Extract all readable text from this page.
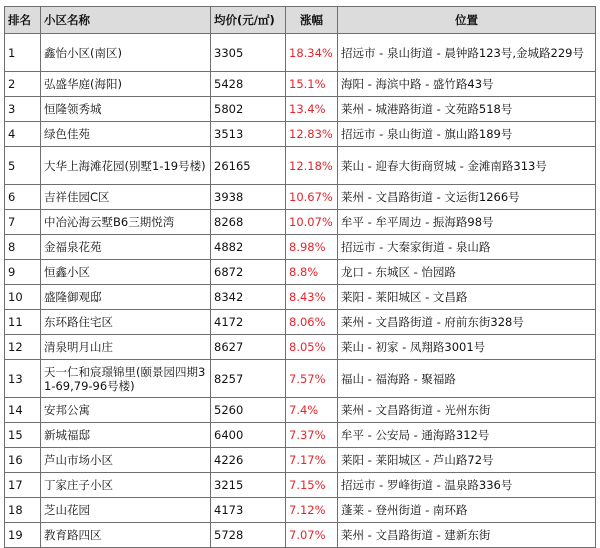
排名	小区名称	均价(元/㎡)	涨幅	位置
1	鑫怡小区(南区)	3305	18.34%	招远市 - 泉山街道 - 晨钟路123号,金城路229号
2	弘盛华庭(海阳)	5428	15.1%	海阳 - 海滨中路 - 盛竹路43号
3	恒隆领秀城	5802	13.4%	莱州 - 城港路街道 - 文苑路518号
4	绿色佳苑	3513	12.83%	招远市 - 泉山街道 - 旗山路189号
5	大华上海滩花园(别墅1-19号楼)	26165	12.18%	莱山 - 迎春大街商贸城 - 金滩南路313号
6	吉祥佳园C区	3938	10.67%	莱州 - 文昌路街道 - 文运街1266号
7	中冶沁海云墅B6三期悦湾	8268	10.07%	牟平 - 牟平周边 - 振海路98号
8	金福泉花苑	4882	8.98%	招远市 - 大秦家街道 - 泉山路
9	恒鑫小区	6872	8.8%	龙口 - 东城区 - 怡园路
10	盛隆御观邸	8342	8.43%	莱阳 - 莱阳城区 - 文昌路
11	东环路住宅区	4172	8.06%	莱州 - 文昌路街道 - 府前东街328号
12	清泉明月山庄	8627	8.05%	莱山 - 初家 - 凤翔路3001号
13	天一仁和宸璟锦里(颐景园四期31-69,79-96号楼)	8257	7.57%	福山 - 福海路 - 聚福路
14	安邦公寓	5260	7.4%	莱州 - 文昌路街道 - 光州东街
15	新城福邸	6400	7.37%	牟平 - 公安局 - 通海路312号
16	芦山市场小区	4226	7.17%	莱阳 - 莱阳城区 - 芦山路72号
17	丁家庄子小区	3215	7.15%	招远市 - 罗峰街道 - 温泉路336号
18	芝山花园	4173	7.12%	蓬莱 - 登州街道 - 南环路
19	教育路四区	5728	7.07%	莱州 - 文昌路街道 - 建新东街
